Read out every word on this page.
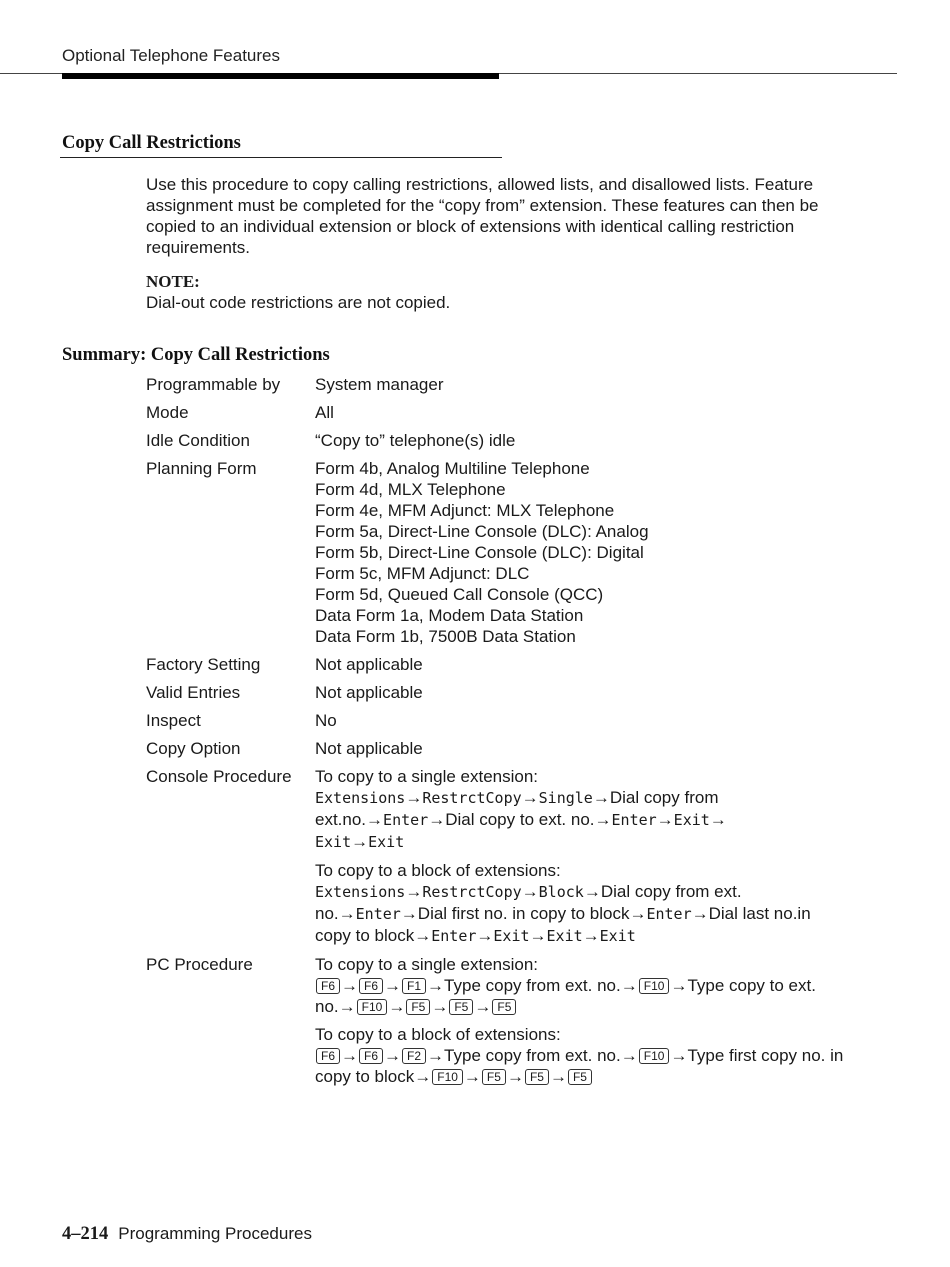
Optional Telephone Features
Copy Call Restrictions

Use this procedure to copy calling restrictions, allowed lists, and disallowed lists. Feature assignment must be completed for the “copy from” extension. These features can then be copied to an individual extension or block of extensions with identical calling restriction requirements.

NOTE:
Dial-out code restrictions are not copied.
Summary: Copy Call Restrictions
Programmable by	System manager
Mode	All
Idle Condition	“Copy to” telephone(s) idle
Planning Form	Form 4b, Analog Multiline Telephone
Form 4d, MLX Telephone
Form 4e, MFM Adjunct: MLX Telephone
Form 5a, Direct-Line Console (DLC): Analog
Form 5b, Direct-Line Console (DLC): Digital
Form 5c, MFM Adjunct: DLC
Form 5d, Queued Call Console (QCC)
Data Form 1a, Modem Data Station
Data Form 1b, 7500B Data Station
Factory Setting	Not applicable
Valid Entries	Not applicable
Inspect	No
Copy Option	Not applicable
Console Procedure	To copy to a single extension:
Extensions→RestrctCopy→Single→Dial copy from ext.no.→Enter→Dial copy to ext. no.→Enter→Exit→
Exit→Exit
To copy to a block of extensions:
Extensions→RestrctCopy→Block→Dial copy from ext. no.→Enter→Dial first no. in copy to block→Enter→Dial last no.in copy to block→Enter→Exit→Exit→Exit
PC Procedure	To copy to a single extension:
F6 → F6 → F1 →Type copy from ext. no.→ F10 →Type copy to ext. no.→ F10 → F5 → F5 → F5
To copy to a block of extensions:
F6 → F6 → F2 →Type copy from ext. no.→ F10 →Type first copy no. in copy to block→ F10 → F5 → F5 → F5
4–214 Programming Procedures
